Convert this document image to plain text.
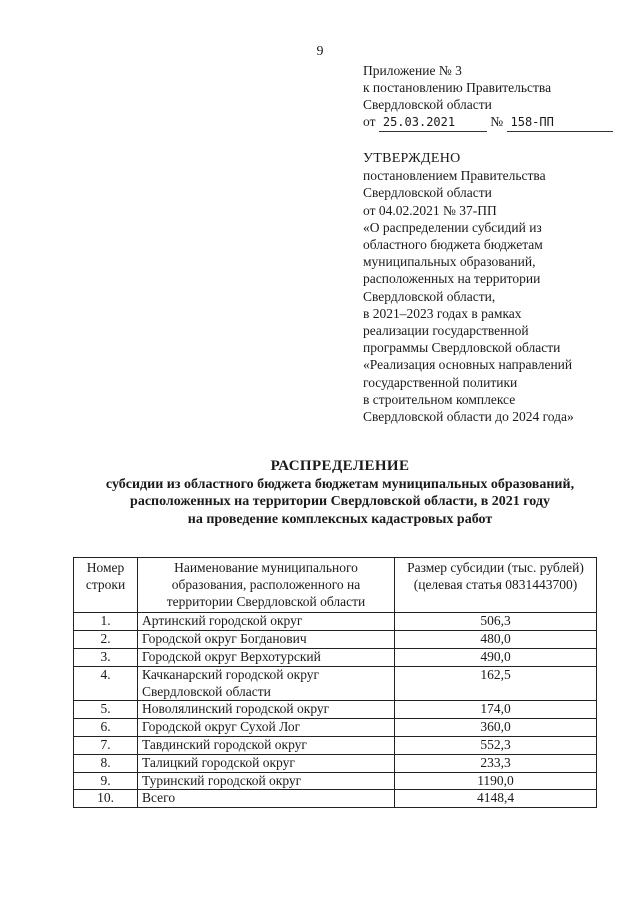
9
Приложение № 3
к постановлению Правительства
Свердловской области
от 25.03.2021	№ 158-ПП
УТВЕРЖДЕНО
постановлением Правительства
Свердловской области
от 04.02.2021 № 37-ПП
«О распределении субсидий из
областного бюджета бюджетам
муниципальных образований,
расположенных на территории
Свердловской области,
в 2021–2023 годах в рамках
реализации государственной
программы Свердловской области
«Реализация основных направлений
государственной политики
в строительном комплексе
Свердловской области до 2024 года»
РАСПРЕДЕЛЕНИЕ
субсидии из областного бюджета бюджетам муниципальных образований,
расположенных на территории Свердловской области, в 2021 году
на проведение комплексных кадастровых работ
Номер строки	Наименование муниципального образования, расположенного на территории Свердловской области	Размер субсидии (тыс. рублей) (целевая статья 0831443700)
1.	Артинский городской округ	506,3
2.	Городской округ Богданович	480,0
3.	Городской округ Верхотурский	490,0
4.	Качканарский городской округ Свердловской области	162,5
5.	Новолялинский городской округ	174,0
6.	Городской округ Сухой Лог	360,0
7.	Тавдинский городской округ	552,3
8.	Талицкий городской округ	233,3
9.	Туринский городской округ	1190,0
10.	Всего	4148,4
